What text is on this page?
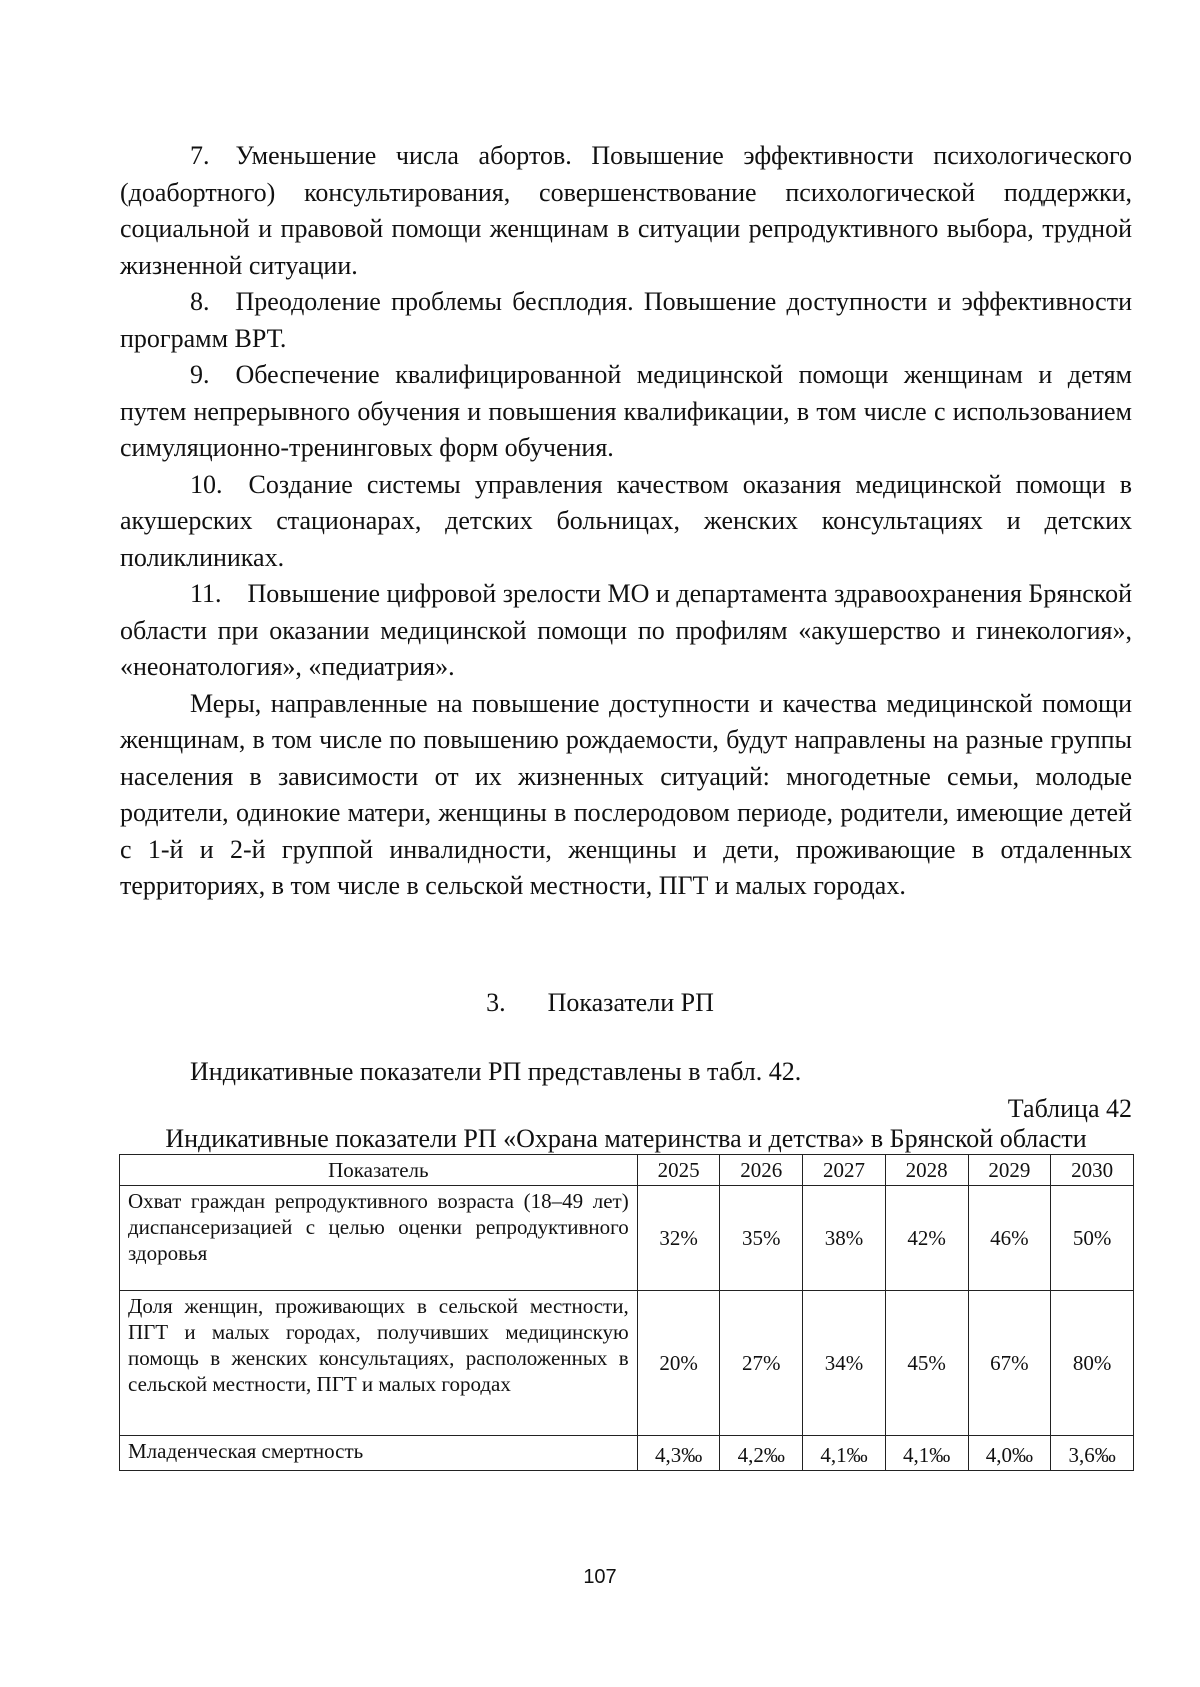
7. Уменьшение числа абортов. Повышение эффективности психологического (доабортного) консультирования, совершенствование психологической поддержки, социальной и правовой помощи женщинам в ситуации репродуктивного выбора, трудной жизненной ситуации.

8. Преодоление проблемы бесплодия. Повышение доступности и эффективности программ ВРТ.

9. Обеспечение квалифицированной медицинской помощи женщинам и детям путем непрерывного обучения и повышения квалификации, в том числе с использованием симуляционно-тренинговых форм обучения.

10. Создание системы управления качеством оказания медицинской помощи в акушерских стационарах, детских больницах, женских консультациях и детских поликлиниках.

11. Повышение цифровой зрелости МО и департамента здравоохранения Брянской области при оказании медицинской помощи по профилям «акушерство и гинекология», «неонатология», «педиатрия».

Меры, направленные на повышение доступности и качества медицинской помощи женщинам, в том числе по повышению рождаемости, будут направлены на разные группы населения в зависимости от их жизненных ситуаций: многодетные семьи, молодые родители, одинокие матери, женщины в послеродовом периоде, родители, имеющие детей с 1-й и 2-й группой инвалидности, женщины и дети, проживающие в отдаленных территориях, в том числе в сельской местности, ПГТ и малых городах.

3. Показатели РП
Индикативные показатели РП представлены в табл. 42.
Таблица 42
Индикативные показатели РП «Охрана материнства и детства» в Брянской области
Показатель	2025	2026	2027	2028	2029	2030
Охват граждан репродуктивного возраста (18–49 лет) диспансеризацией с целью оценки репродуктивного здоровья	32%	35%	38%	42%	46%	50%
Доля женщин, проживающих в сельской местности, ПГТ и малых городах, получивших медицинскую помощь в женских консультациях, расположенных в сельской местности, ПГТ и малых городах	20%	27%	34%	45%	67%	80%
Младенческая смертность	4,3‰	4,2‰	4,1‰	4,1‰	4,0‰	3,6‰
107
